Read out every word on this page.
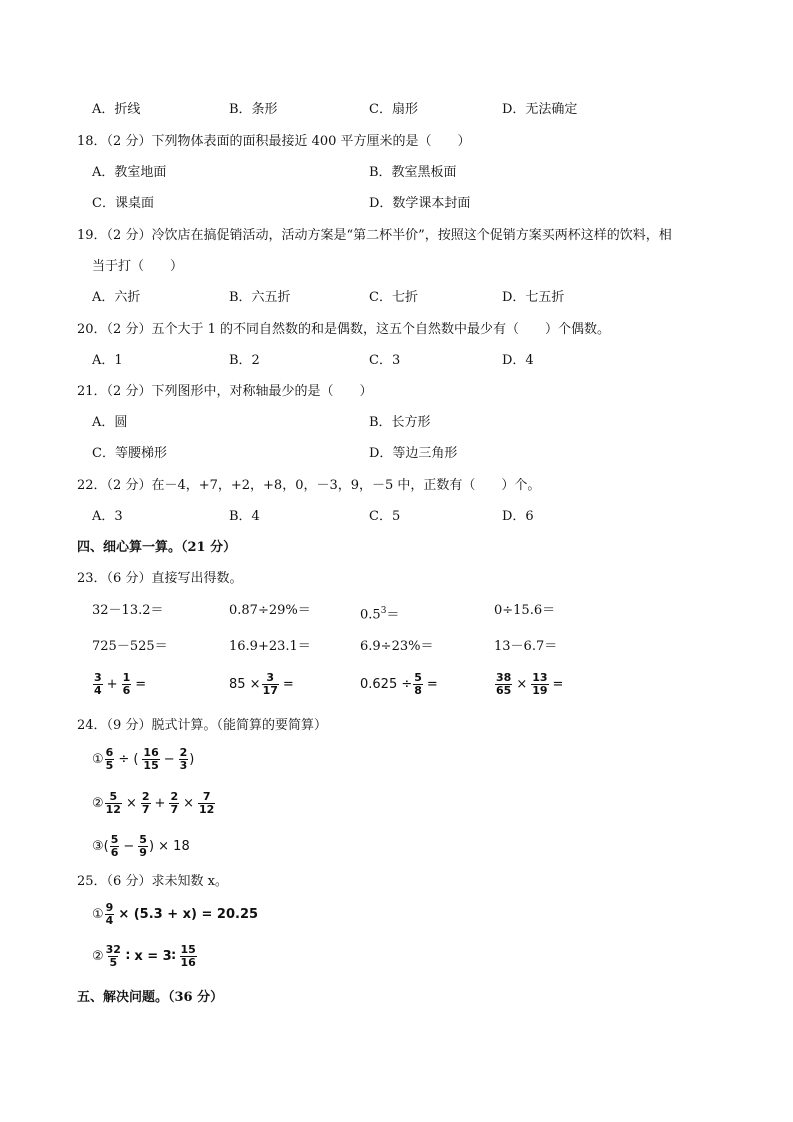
A．折线	B．条形	C．扇形	D．无法确定
18．（2 分）下列物体表面的面积最接近 400 平方厘米的是（　　）
A．教室地面	B．教室黑板面
C．课桌面	D．数学课本封面
19．（2 分）冷饮店在搞促销活动，活动方案是“第二杯半价”，按照这个促销方案买两杯这样的饮料，相
当于打（　　）
A．六折	B．六五折	C．七折	D．七五折
20．（2 分）五个大于 1 的不同自然数的和是偶数，这五个自然数中最少有（　　）个偶数。
A．1	B．2	C．3	D．4
21．（2 分）下列图形中，对称轴最少的是（　　）
A．圆	B．长方形
C．等腰梯形	D．等边三角形
22．（2 分）在－4，+7，+2，+8，0，－3，9，－5 中，正数有（　　）个。
A．3	B．4	C．5	D．6
四、细心算一算。（21 分）
23．（6 分）直接写出得数。
32－13.2＝	0.87÷29%＝	$0.5^3=$	0÷15.6＝
725－525＝	16.9+23.1＝	6.9÷23%＝	13－6.7＝
$\frac{3}{4} + \frac{1}{6}$ =	$85 \times \frac{3}{17}$ =	$0.625 \div \frac{5}{8}$ =	$\frac{38}{65} \times \frac{13}{19}$ =
24．（9 分）脱式计算。（能简算的要简算）
① $\frac{6}{5}$ ÷ ( $\frac{16}{15} - \frac{2}{3}$ )
② $\frac{5}{12} \times \frac{2}{7} + \frac{2}{7} \times \frac{7}{12}$
③( $\frac{5}{6} - \frac{5}{9}$ ) × 18
25．（6 分）求未知数 x。
① $\frac{9}{4} \times (5.3 + x) = 20.25$
② $\frac{32}{5}$ ∶ x = 3∶ $\frac{15}{16}$
五、解决问题。（36 分）
